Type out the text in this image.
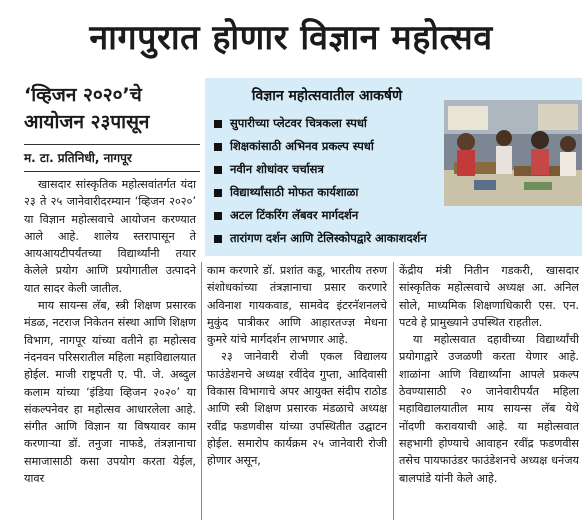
नागपुरात होणार विज्ञान महोत्सव
‘व्हिजन २०२०’चे
आयोजन २३पासून
म. टा. प्रतिनिधी, नागपूर
विज्ञान महोत्सवातील आकर्षणे
सुपारीच्या प्लेटवर चित्रकला स्पर्धा
शिक्षकांसाठी अभिनव प्रकल्प स्पर्धा
नवीन शोधांवर चर्चासत्र
विद्यार्थ्यांसाठी मोफत कार्यशाळा
अटल टिंकरिंग लॅबवर मार्गदर्शन
तारांगण दर्शन आणि टेलिस्कोपद्वारे आकाशदर्शन

खासदार सांस्कृतिक महोत्सवांतर्गत यंदा २३ ते २५ जानेवारीदरम्यान ‘व्हिजन २०२०’ या विज्ञान महोत्सवाचे आयोजन करण्यात आले आहे. शालेय स्तरापासून ते आयआयटीपर्यंतच्या विद्यार्थ्यांनी तयार केलेले प्रयोग आणि प्रयोगातील उत्पादने यात सादर केली जातील.

माय सायन्स लॅब, स्त्री शिक्षण प्रसारक मंडळ, नटराज निकेतन संस्था आणि शिक्षण विभाग, नागपूर यांच्या वतीने हा महोत्सव नंदनवन परिसरातील महिला महाविद्यालयात होईल. माजी राष्ट्रपती ए. पी. जे. अब्दुल कलाम यांच्या ‘इंडिया व्हिजन २०२०’ या संकल्पनेवर हा महोत्सव आधारलेला आहे. संगीत आणि विज्ञान या विषयावर काम करणाऱ्या डॉ. तनुजा नाफडे, तंत्रज्ञानाचा समाजासाठी कसा उपयोग करता येईल, यावर

काम करणारे डॉ. प्रशांत कडू, भारतीय तरुण संशोधकांच्या तंत्रज्ञानाचा प्रसार करणारे अविनाश गायकवाड, सामवेद इंटरनॅशनलचे मुकुंद पात्रीकर आणि आहारतज्ज्ञ मेधना कुमरे यांचे मार्गदर्शन लाभणार आहे.

२३ जानेवारी रोजी एकल विद्यालय फाउंडेशनचे अध्यक्ष रवींदेव गुप्ता, आदिवासी विकास विभागाचे अपर आयुक्त संदीप राठोड आणि स्त्री शिक्षण प्रसारक मंडळाचे अध्यक्ष रवींद्र फडणवीस यांच्या उपस्थितीत उद्घाटन होईल. समारोप कार्यक्रम २५ जानेवारी रोजी होणार असून,

केंद्रीय मंत्री नितीन गडकरी, खासदार सांस्कृतिक महोत्सवाचे अध्यक्ष आ. अनिल सोले, माध्यमिक शिक्षणाधिकारी एस. एन. पटवे हे प्रामुख्याने उपस्थित राहतील.

या महोत्सवात दहावीच्या विद्यार्थ्यांची प्रयोगाद्वारे उजळणी करता येणार आहे. शाळांना आणि विद्यार्थ्यांना आपले प्रकल्प ठेवण्यासाठी २० जानेवारीपर्यंत महिला महाविद्यालयातील माय सायन्स लॅब येथे नोंदणी करावयाची आहे. या महोत्सवात सहभागी होण्याचे आवाहन रवींद्र फडणवीस तसेच पायफाउंडर फाउंडेशनचे अध्यक्ष धनंजय बालपांडे यांनी केले आहे.
